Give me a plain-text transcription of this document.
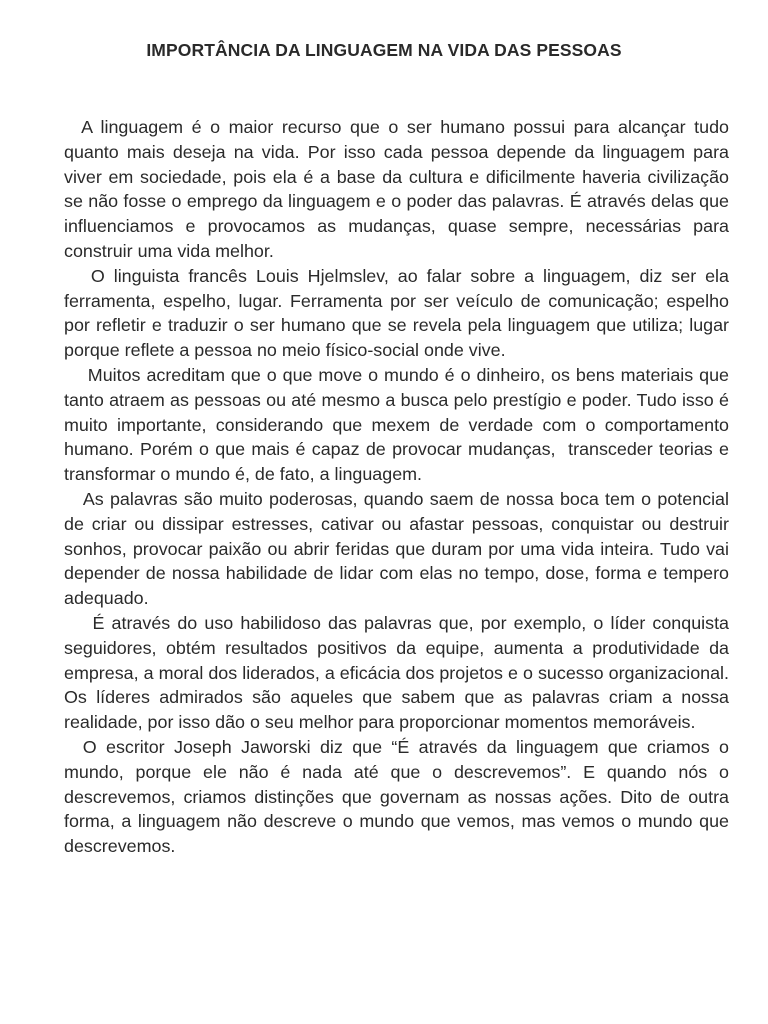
IMPORTÂNCIA DA LINGUAGEM NA VIDA DAS PESSOAS

A linguagem é o maior recurso que o ser humano possui para alcançar tudo quanto mais deseja na vida. Por isso cada pessoa depende da linguagem para viver em sociedade, pois ela é a base da cultura e dificilmente haveria civilização se não fosse o emprego da linguagem e o poder das palavras. É através delas que influenciamos e provocamos as mudanças, quase sempre, necessárias para construir uma vida melhor.

O linguista francês Louis Hjelmslev, ao falar sobre a linguagem, diz ser ela ferramenta, espelho, lugar. Ferramenta por ser veículo de comunicação; espelho por refletir e traduzir o ser humano que se revela pela linguagem que utiliza; lugar porque reflete a pessoa no meio físico-social onde vive.

Muitos acreditam que o que move o mundo é o dinheiro, os bens materiais que tanto atraem as pessoas ou até mesmo a busca pelo prestígio e poder. Tudo isso é muito importante, considerando que mexem de verdade com o comportamento humano. Porém o que mais é capaz de provocar mudanças,  transceder teorias e transformar o mundo é, de fato, a linguagem.

As palavras são muito poderosas, quando saem de nossa boca tem o potencial de criar ou dissipar estresses, cativar ou afastar pessoas, conquistar ou destruir sonhos, provocar paixão ou abrir feridas que duram por uma vida inteira. Tudo vai depender de nossa habilidade de lidar com elas no tempo, dose, forma e tempero adequado.

É através do uso habilidoso das palavras que, por exemplo, o líder conquista seguidores, obtém resultados positivos da equipe, aumenta a produtividade da empresa, a moral dos liderados, a eficácia dos projetos e o sucesso organizacional. Os líderes admirados são aqueles que sabem que as palavras criam a nossa realidade, por isso dão o seu melhor para proporcionar momentos memoráveis.

O escritor Joseph Jaworski diz que “É através da linguagem que criamos o mundo, porque ele não é nada até que o descrevemos”. E quando nós o descrevemos, criamos distinções que governam as nossas ações. Dito de outra forma, a linguagem não descreve o mundo que vemos, mas vemos o mundo que descrevemos.
